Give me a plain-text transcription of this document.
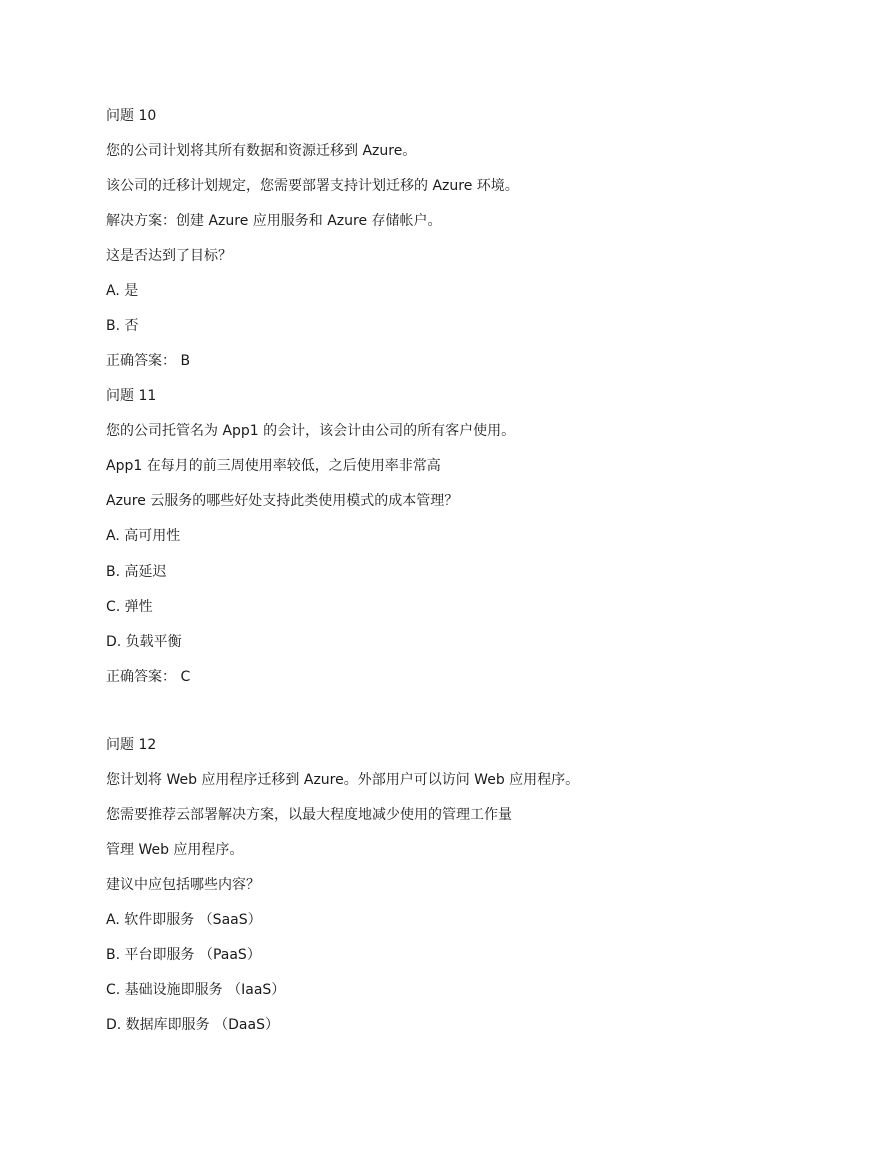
问题 10
您的公司计划将其所有数据和资源迁移到 Azure。
该公司的迁移计划规定，您需要部署支持计划迁移的 Azure 环境。
解决方案：创建 Azure 应用服务和 Azure 存储帐户。
这是否达到了目标？
A. 是
B. 否
正确答案： B
问题 11
您的公司托管名为 App1 的会计，该会计由公司的所有客户使用。
App1 在每月的前三周使用率较低，之后使用率非常高
Azure 云服务的哪些好处支持此类使用模式的成本管理？
A. 高可用性
B. 高延迟
C. 弹性
D. 负载平衡
正确答案： C
问题 12
您计划将 Web 应用程序迁移到 Azure。外部用户可以访问 Web 应用程序。
您需要推荐云部署解决方案，以最大程度地减少使用的管理工作量
管理 Web 应用程序。
建议中应包括哪些内容？
A. 软件即服务 （SaaS）
B. 平台即服务 （PaaS）
C. 基础设施即服务 （IaaS）
D. 数据库即服务 （DaaS）
